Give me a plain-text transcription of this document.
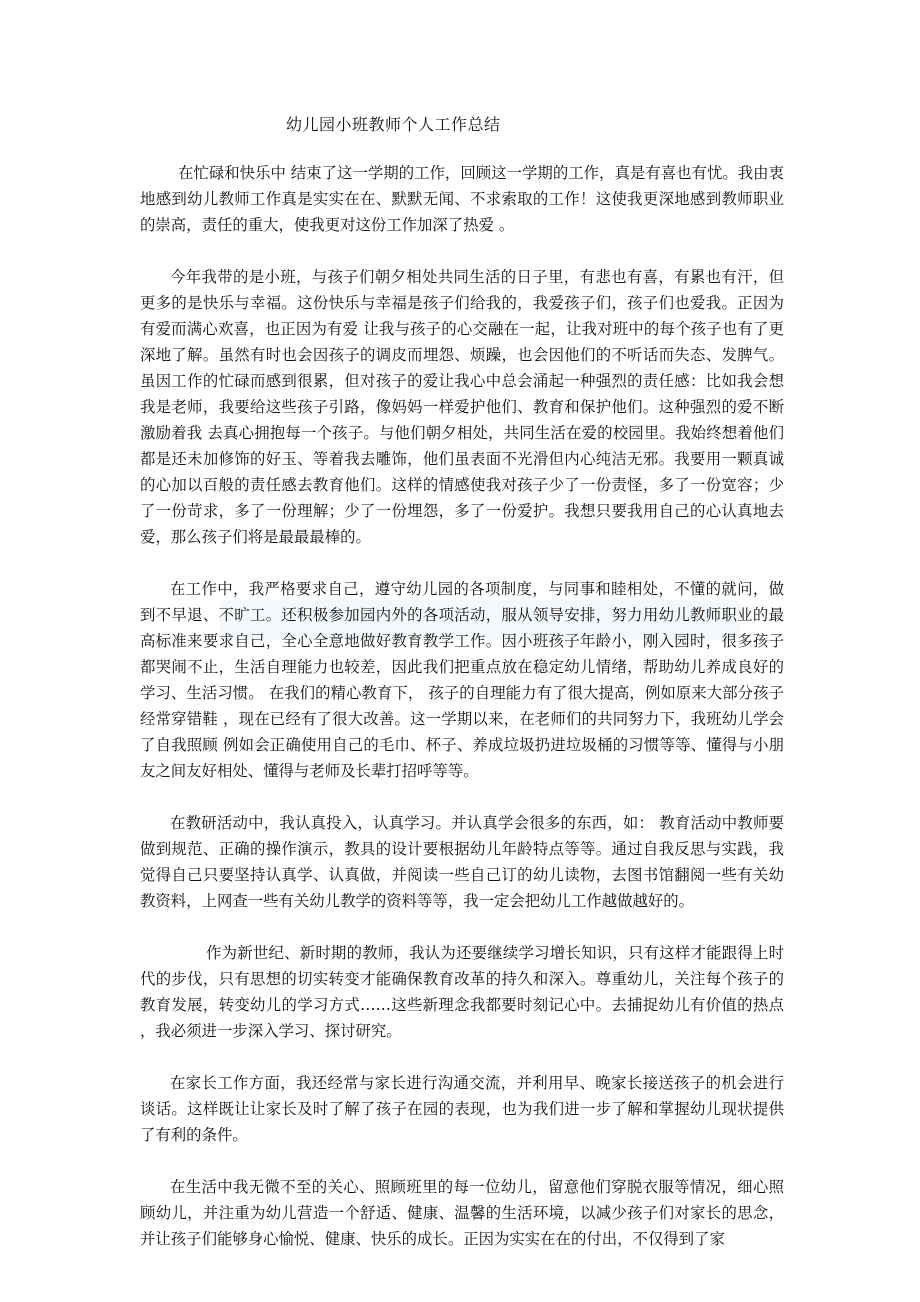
幼儿园小班教师个人工作总结

在忙碌和快乐中 结束了这一学期的工作，回顾这一学期的工作，真是有喜也有忧。我由衷地感到幼儿教师工作真是实实在在、默默无闻、不求索取的工作！这使我更深地感到教师职业的崇高，责任的重大，使我更对这份工作加深了热爱 。

今年我带的是小班，与孩子们朝夕相处共同生活的日子里，有悲也有喜，有累也有汗，但更多的是快乐与幸福。这份快乐与幸福是孩子们给我的，我爱孩子们，孩子们也爱我。正因为有爱而满心欢喜，也正因为有爱 让我与孩子的心交融在一起，让我对班中的每个孩子也有了更深地了解。虽然有时也会因孩子的调皮而埋怨、烦躁，也会因他们的不听话而失态、发脾气。虽因工作的忙碌而感到很累，但对孩子的爱让我心中总会涌起一种强烈的责任感：比如我会想我是老师，我要给这些孩子引路，像妈妈一样爱护他们、教育和保护他们。这种强烈的爱不断激励着我 去真心拥抱每一个孩子。与他们朝夕相处，共同生活在爱的校园里。我始终想着他们都是还未加修饰的好玉、等着我去雕饰，他们虽表面不光滑但内心纯洁无邪。我要用一颗真诚的心加以百般的责任感去教育他们。这样的情感使我对孩子少了一份责怪，多了一份宽容；少了一份苛求，多了一份理解；少了一份埋怨，多了一份爱护。我想只要我用自己的心认真地去爱，那么孩子们将是最最最棒的。

在工作中，我严格要求自己，遵守幼儿园的各项制度，与同事和睦相处，不懂的就问，做到不早退、不旷工。还积极参加园内外的各项活动，服从领导安排，努力用幼儿教师职业的最高标准来要求自己，全心全意地做好教育教学工作。因小班孩子年龄小，刚入园时，很多孩子都哭闹不止，生活自理能力也较差，因此我们把重点放在稳定幼儿情绪，帮助幼儿养成良好的学习、生活习惯。 在我们的精心教育下， 孩子的自理能力有了很大提高，例如原来大部分孩子经常穿错鞋 ，现在已经有了很大改善。这一学期以来，在老师们的共同努力下，我班幼儿学会了自我照顾 例如会正确使用自己的毛巾、杯子、养成垃圾扔进垃圾桶的习惯等等、懂得与小朋友之间友好相处、懂得与老师及长辈打招呼等等。

在教研活动中，我认真投入，认真学习。并认真学会很多的东西，如： 教育活动中教师要做到规范、正确的操作演示，教具的设计要根据幼儿年龄特点等等。通过自我反思与实践，我觉得自己只要坚持认真学、认真做，并阅读一些自己订的幼儿读物，去图书馆翻阅一些有关幼教资料，上网查一些有关幼儿教学的资料等等，我一定会把幼儿工作越做越好的。

作为新世纪、新时期的教师，我认为还要继续学习增长知识，只有这样才能跟得上时代的步伐，只有思想的切实转变才能确保教育改革的持久和深入。尊重幼儿，关注每个孩子的教育发展，转变幼儿的学习方式……这些新理念我都要时刻记心中。去捕捉幼儿有价值的热点 ，我必须进一步深入学习、探讨研究。

在家长工作方面，我还经常与家长进行沟通交流，并利用早、晚家长接送孩子的机会进行谈话。这样既让让家长及时了解了孩子在园的表现，也为我们进一步了解和掌握幼儿现状提供了有利的条件。

在生活中我无微不至的关心、照顾班里的每一位幼儿，留意他们穿脱衣服等情况，细心照顾幼儿，并注重为幼儿营造一个舒适、健康、温馨的生活环境，以减少孩子们对家长的思念，并让孩子们能够身心愉悦、健康、快乐的成长。正因为实实在在的付出，不仅得到了家
